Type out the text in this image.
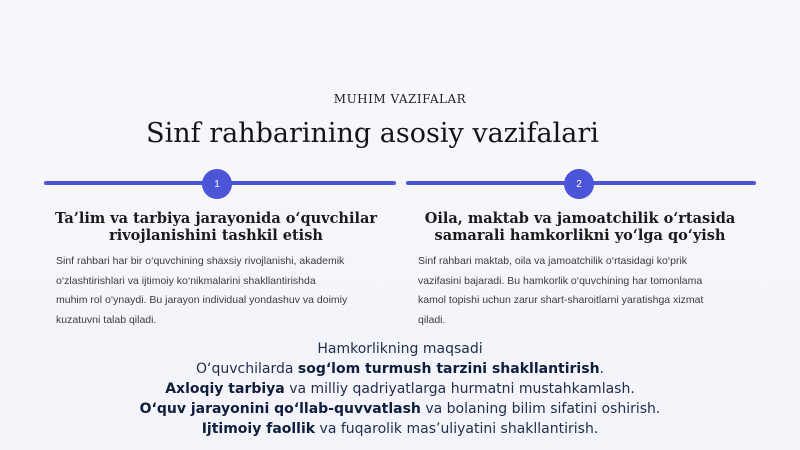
MUHIM VAZIFALAR
Sinf rahbarining asosiy vazifalari
1	2
Ta’lim va tarbiya jarayonida o‘quvchilar
rivojlanishini tashkil etish
Sinf rahbari har bir o‘quvchining shaxsiy rivojlanishi, akademik
o‘zlashtirishlari va ijtimoiy ko‘nikmalarini shakllantirishda
muhim rol o‘ynaydi. Bu jarayon individual yondashuv va doimiy
kuzatuvni talab qiladi.
Oila, maktab va jamoatchilik o‘rtasida
samarali hamkorlikni yo‘lga qo‘yish
Sinf rahbari maktab, oila va jamoatchilik o‘rtasidagi ko‘prik
vazifasini bajaradi. Bu hamkorlik o‘quvchining har tomonlama
kamol topishi uchun zarur shart-sharoitlarni yaratishga xizmat
qiladi.
Hamkorlikning maqsadi
O‘quvchilarda sog‘lom turmush tarzini shakllantirish.
Axloqiy tarbiya va milliy qadriyatlarga hurmatni mustahkamlash.
O‘quv jarayonini qo‘llab-quvvatlash va bolaning bilim sifatini oshirish.
Ijtimoiy faollik va fuqarolik mas’uliyatini shakllantirish.
